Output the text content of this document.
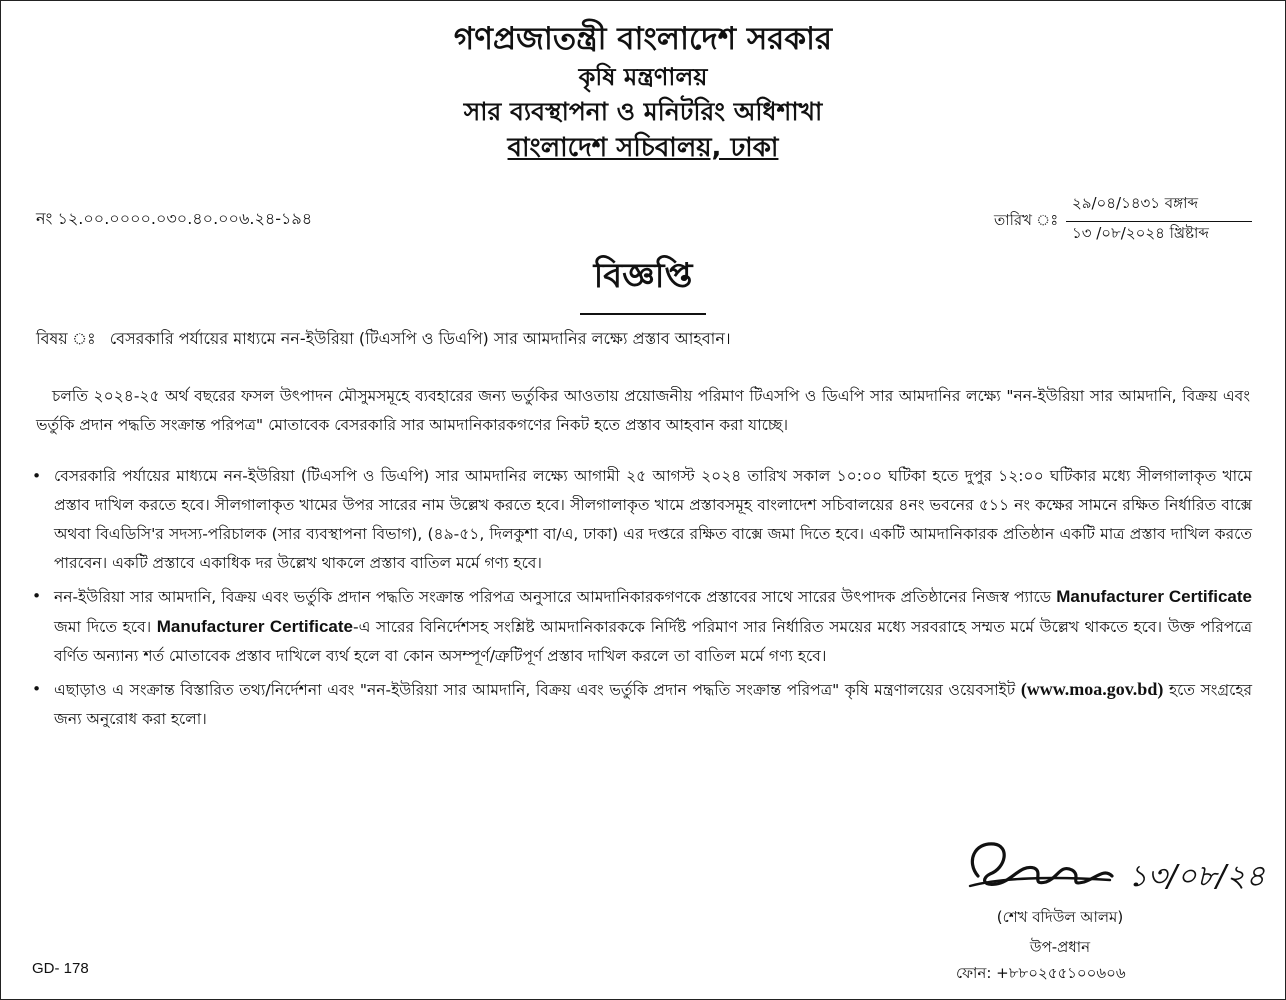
গণপ্রজাতন্ত্রী বাংলাদেশ সরকার
কৃষি মন্ত্রণালয়
সার ব্যবস্থাপনা ও মনিটরিং অধিশাখা
বাংলাদেশ সচিবালয়, ঢাকা
নং ১২.০০.০০০০.০৩০.৪০.০০৬.২৪-১৯৪	তারিখ ঃ
২৯/০৪/১৪৩১ বঙ্গাব্দ
১৩ /০৮/২০২৪ খ্রিষ্টাব্দ
বিজ্ঞপ্তি
বিষয় ঃ বেসরকারি পর্যায়ের মাধ্যমে নন-ইউরিয়া (টিএসপি ও ডিএপি) সার আমদানির লক্ষ্যে প্রস্তাব আহবান।

চলতি ২০২৪-২৫ অর্থ বছরের ফসল উৎপাদন মৌসুমসমূহে ব্যবহারের জন্য ভর্তুকির আওতায় প্রয়োজনীয় পরিমাণ টিএসপি ও ডিএপি সার আমদানির লক্ষ্যে "নন-ইউরিয়া সার আমদানি, বিক্রয় এবং ভর্তুকি প্রদান পদ্ধতি সংক্রান্ত পরিপত্র" মোতাবেক বেসরকারি সার আমদানিকারকগণের নিকট হতে প্রস্তাব আহবান করা যাচ্ছে।

• বেসরকারি পর্যায়ের মাধ্যমে নন-ইউরিয়া (টিএসপি ও ডিএপি) সার আমদানির লক্ষ্যে আগামী ২৫ আগস্ট ২০২৪ তারিখ সকাল ১০:০০ ঘটিকা হতে দুপুর ১২:০০ ঘটিকার মধ্যে সীলগালাকৃত খামে প্রস্তাব দাখিল করতে হবে। সীলগালাকৃত খামের উপর সারের নাম উল্লেখ করতে হবে। সীলগালাকৃত খামে প্রস্তাবসমূহ বাংলাদেশ সচিবালয়ের ৪নং ভবনের ৫১১ নং কক্ষের সামনে রক্ষিত নির্ধারিত বাক্সে অথবা বিএডিসি'র সদস্য-পরিচালক (সার ব্যবস্থাপনা বিভাগ), (৪৯-৫১, দিলকুশা বা/এ, ঢাকা) এর দপ্তরে রক্ষিত বাক্সে জমা দিতে হবে। একটি আমদানিকারক প্রতিষ্ঠান একটি মাত্র প্রস্তাব দাখিল করতে পারবেন। একটি প্রস্তাবে একাধিক দর উল্লেখ থাকলে প্রস্তাব বাতিল মর্মে গণ্য হবে।
• নন-ইউরিয়া সার আমদানি, বিক্রয় এবং ভর্তুকি প্রদান পদ্ধতি সংক্রান্ত পরিপত্র অনুসারে আমদানিকারকগণকে প্রস্তাবের সাথে সারের উৎপাদক প্রতিষ্ঠানের নিজস্ব প্যাডে Manufacturer Certificate জমা দিতে হবে। Manufacturer Certificate-এ সারের বিনির্দেশসহ সংশ্লিষ্ট আমদানিকারককে নির্দিষ্ট পরিমাণ সার নির্ধারিত সময়ের মধ্যে সরবরাহে সম্মত মর্মে উল্লেখ থাকতে হবে। উক্ত পরিপত্রে বর্ণিত অন্যান্য শর্ত মোতাবেক প্রস্তাব দাখিলে ব্যর্থ হলে বা কোন অসম্পূর্ণ/ত্রুটিপূর্ণ প্রস্তাব দাখিল করলে তা বাতিল মর্মে গণ্য হবে।
• এছাড়াও এ সংক্রান্ত বিস্তারিত তথ্য/নির্দেশনা এবং "নন-ইউরিয়া সার আমদানি, বিক্রয় এবং ভর্তুকি প্রদান পদ্ধতি সংক্রান্ত পরিপত্র" কৃষি মন্ত্রণালয়ের ওয়েবসাইট (www.moa.gov.bd) হতে সংগ্রহের জন্য অনুরোধ করা হলো।
১৩/০৮/২৪
(শেখ বদিউল আলম)
উপ-প্রধান
ফোন: +৮৮০২৫৫১০০৬০৬
GD- 178
